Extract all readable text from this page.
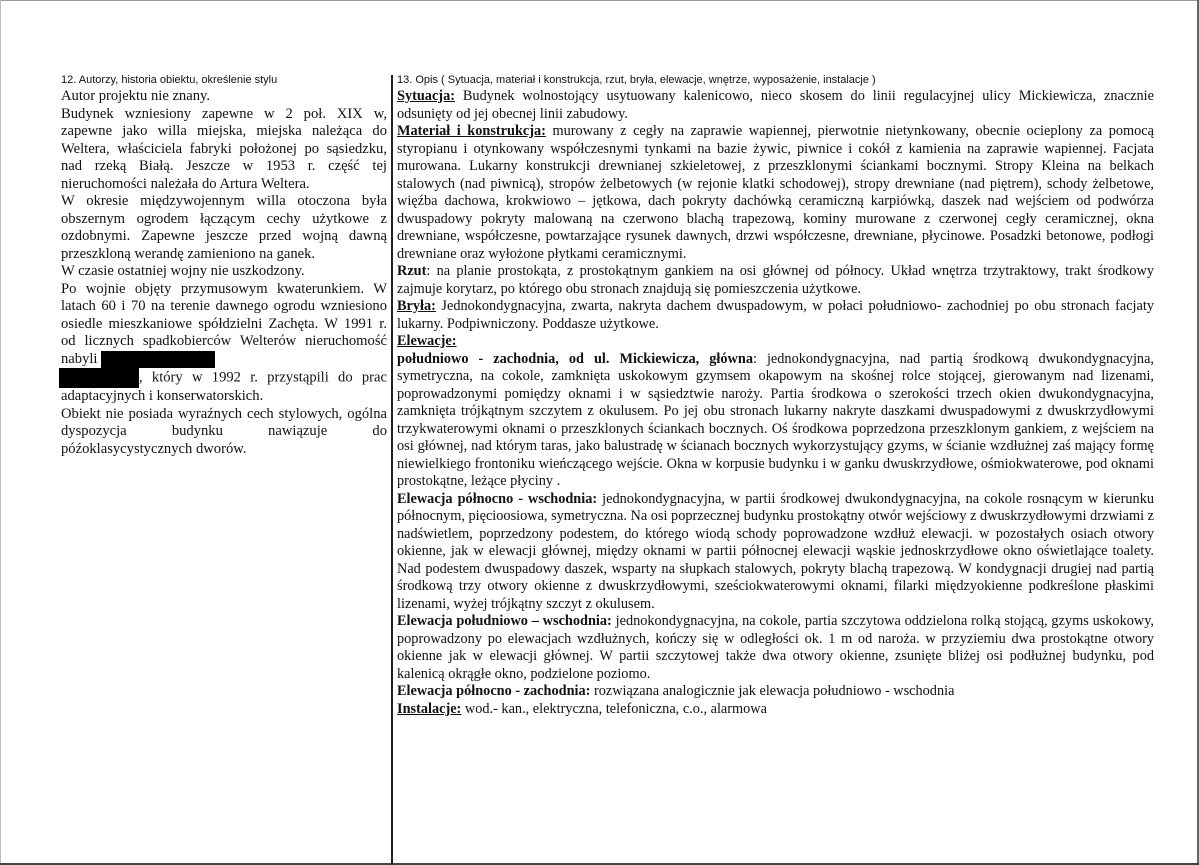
12. Autorzy, historia obiektu, określenie stylu

Autor projektu nie znany.

Budynek wzniesiony zapewne w 2 poł. XIX w, zapewne jako willa miejska, miejska należąca do Weltera, właściciela fabryki położonej po sąsiedzku, nad rzeką Białą. Jeszcze w 1953 r. część tej nieruchomości należała do Artura Weltera.

W okresie międzywojennym willa otoczona była obszernym ogrodem łączącym cechy użytkowe z ozdobnymi. Zapewne jeszcze przed wojną dawną przeszkloną werandę zamieniono na ganek.

W czasie ostatniej wojny nie uszkodzony.

Po wojnie objęty przymusowym kwaterunkiem. W latach 60 i 70 na terenie dawnego ogrodu wzniesiono osiedle mieszkaniowe spółdzielni Zachęta. W 1991 r. od licznych spadkobierców Welterów nieruchomość nabyli
, który w 1992 r. przystąpili do prac adaptacyjnych i konserwatorskich.

Obiekt nie posiada wyraźnych cech stylowych, ogólna dyspozycja budynku nawiązuje do późoklasycystycznych dworów.

13. Opis ( Sytuacja, materiał i konstrukcja, rzut, bryła, elewacje, wnętrze, wyposażenie, instalacje )

Sytuacja: Budynek wolnostojący usytuowany kalenicowo, nieco skosem do linii regulacyjnej ulicy Mickiewicza, znacznie odsunięty od jej obecnej linii zabudowy.

Materiał i konstrukcja: murowany z cegły na zaprawie wapiennej, pierwotnie nietynkowany, obecnie ocieplony za pomocą styropianu i otynkowany współczesnymi tynkami na bazie żywic, piwnice i cokół z kamienia na zaprawie wapiennej. Facjata murowana. Lukarny konstrukcji drewnianej szkieletowej, z przeszklonymi ściankami bocznymi. Stropy Kleina na belkach stalowych (nad piwnicą), stropów żelbetowych (w rejonie klatki schodowej), stropy drewniane (nad piętrem), schody żelbetowe, więźba dachowa, krokwiowo – jętkowa, dach pokryty dachówką ceramiczną karpiówką, daszek nad wejściem od podwórza dwuspadowy pokryty malowaną na czerwono blachą trapezową, kominy murowane z czerwonej cegły ceramicznej, okna drewniane, współczesne, powtarzające rysunek dawnych, drzwi współczesne, drewniane, płycinowe. Posadzki betonowe, podłogi drewniane oraz wyłożone płytkami ceramicznymi.

Rzut: na planie prostokąta, z prostokątnym gankiem na osi głównej od północy. Układ wnętrza trzytraktowy, trakt środkowy zajmuje korytarz, po którego obu stronach znajdują się pomieszczenia użytkowe.

Bryła: Jednokondygnacyjna, zwarta, nakryta dachem dwuspadowym, w połaci południowo- zachodniej po obu stronach facjaty lukarny. Podpiwniczony. Poddasze użytkowe.

Elewacje:

południowo - zachodnia, od ul. Mickiewicza, główna: jednokondygnacyjna, nad partią środkową dwukondygnacyjna, symetryczna, na cokole, zamknięta uskokowym gzymsem okapowym na skośnej rolce stojącej, gierowanym nad lizenami, poprowadzonymi pomiędzy oknami i w sąsiedztwie naroży. Partia środkowa o szerokości trzech okien dwukondygnacyjna, zamknięta trójkątnym szczytem z okulusem. Po jej obu stronach lukarny nakryte daszkami dwuspadowymi z dwuskrzydłowymi trzykwaterowymi oknami o przeszklonych ściankach bocznych. Oś środkowa poprzedzona przeszklonym gankiem, z wejściem na osi głównej, nad którym taras, jako balustradę w ścianach bocznych wykorzystujący gzyms, w ścianie wzdłużnej zaś mający formę niewielkiego frontoniku wieńczącego wejście. Okna w korpusie budynku i w ganku dwuskrzydłowe, ośmiokwaterowe, pod oknami prostokątne, leżące płyciny .

Elewacja północno - wschodnia: jednokondygnacyjna, w partii środkowej dwukondygnacyjna, na cokole rosnącym w kierunku północnym, pięcioosiowa, symetryczna. Na osi poprzecznej budynku prostokątny otwór wejściowy z dwuskrzydłowymi drzwiami z nadświetlem, poprzedzony podestem, do którego wiodą schody poprowadzone wzdłuż elewacji. w pozostałych osiach otwory okienne, jak w elewacji głównej, między oknami w partii północnej elewacji wąskie jednoskrzydłowe okno oświetlające toalety. Nad podestem dwuspadowy daszek, wsparty na słupkach stalowych, pokryty blachą trapezową. W kondygnacji drugiej nad partią środkową trzy otwory okienne z dwuskrzydłowymi, sześciokwaterowymi oknami, filarki międzyokienne podkreślone płaskimi lizenami, wyżej trójkątny szczyt z okulusem.

Elewacja południowo – wschodnia: jednokondygnacyjna, na cokole, partia szczytowa oddzielona rolką stojącą, gzyms uskokowy, poprowadzony po elewacjach wzdłużnych, kończy się w odległości ok. 1 m od naroża. w przyziemiu dwa prostokątne otwory okienne jak w elewacji głównej. W partii szczytowej także dwa otwory okienne, zsunięte bliżej osi podłużnej budynku, pod kalenicą okrągłe okno, podzielone poziomo.

Elewacja północno - zachodnia: rozwiązana analogicznie jak elewacja południowo - wschodnia

Instalacje: wod.- kan., elektryczna, telefoniczna, c.o., alarmowa
